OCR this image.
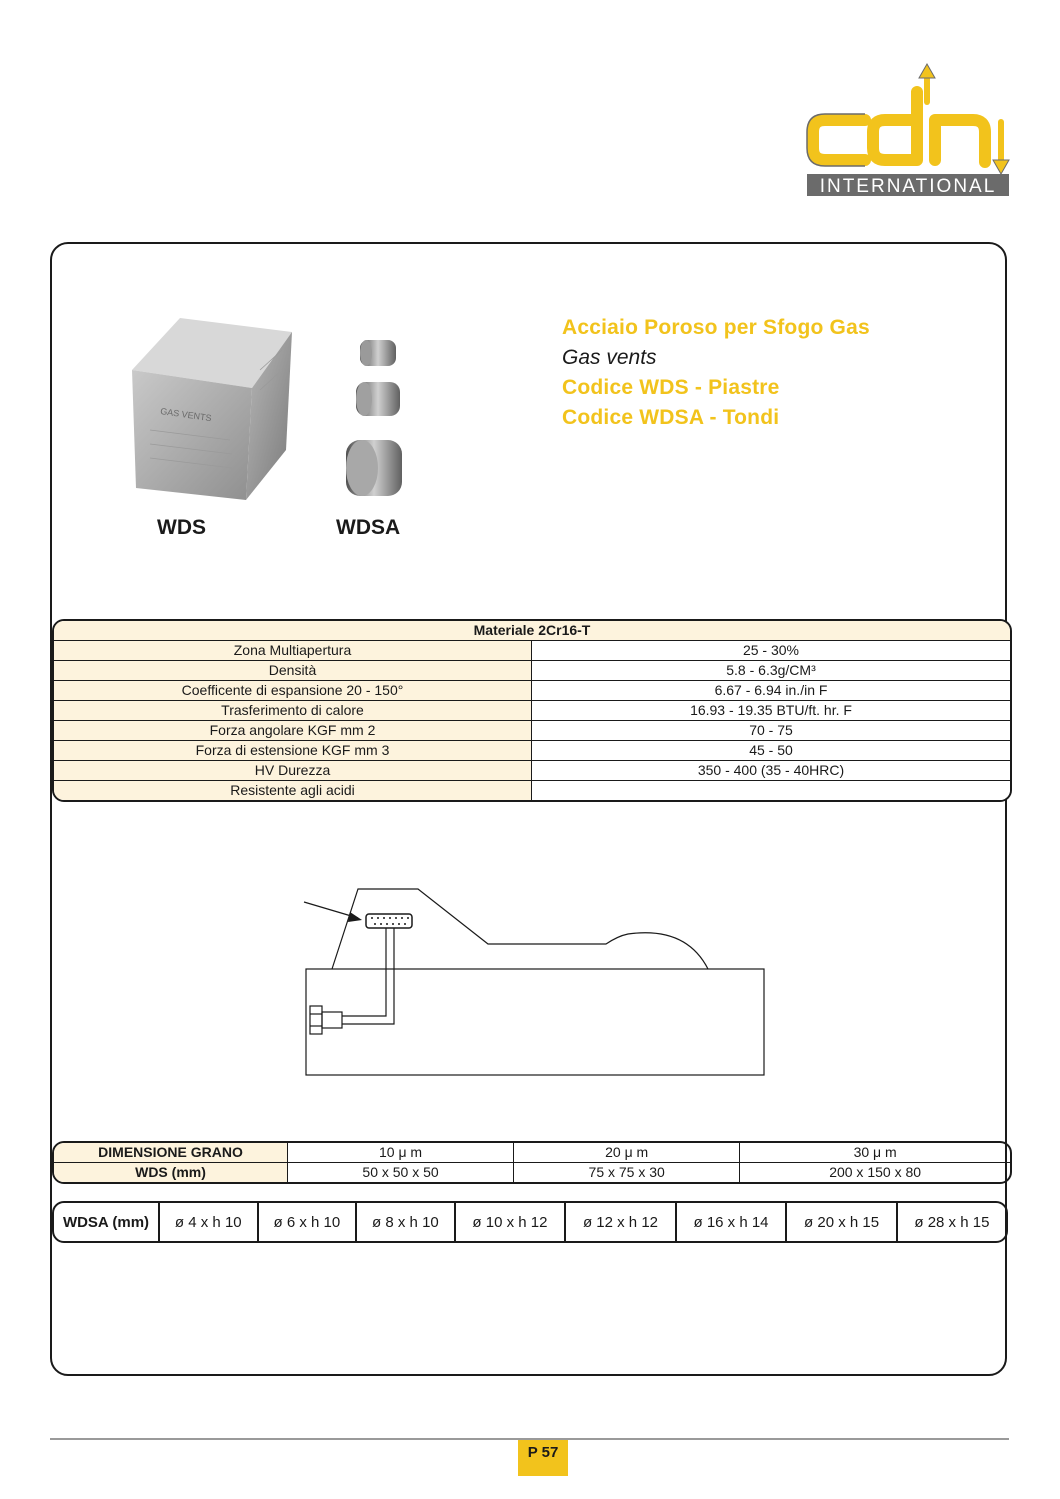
INTERNATIONAL
GAS VENTS
WDS	WDSA
Acciaio Poroso per Sfogo Gas
Gas vents
Codice WDS - Piastre
Codice WDSA - Tondi
Materiale 2Cr16-T	
Zona Multiapertura	25 - 30%
Densità	5.8 - 6.3g/CM³
Coefficente di espansione 20 - 150°	6.67 - 6.94 in./in F
Trasferimento di calore	16.93 - 19.35 BTU/ft. hr. F
Forza angolare KGF mm 2	70 - 75
Forza di estensione KGF mm 3	45 - 50
HV Durezza	350 - 400 (35 - 40HRC)
Resistente agli acidi	
DIMENSIONE GRANO	10 μ m	20 μ m	30 μ m
WDS (mm)	50 x 50 x 50	75 x 75 x 30	200 x 150 x 80
WDSA (mm)	ø 4 x h 10	ø 6 x h 10	ø 8 x h 10	ø 10 x h 12	ø 12 x h 12	ø 16 x h 14	ø 20 x h 15	ø 28 x h 15
P 57
